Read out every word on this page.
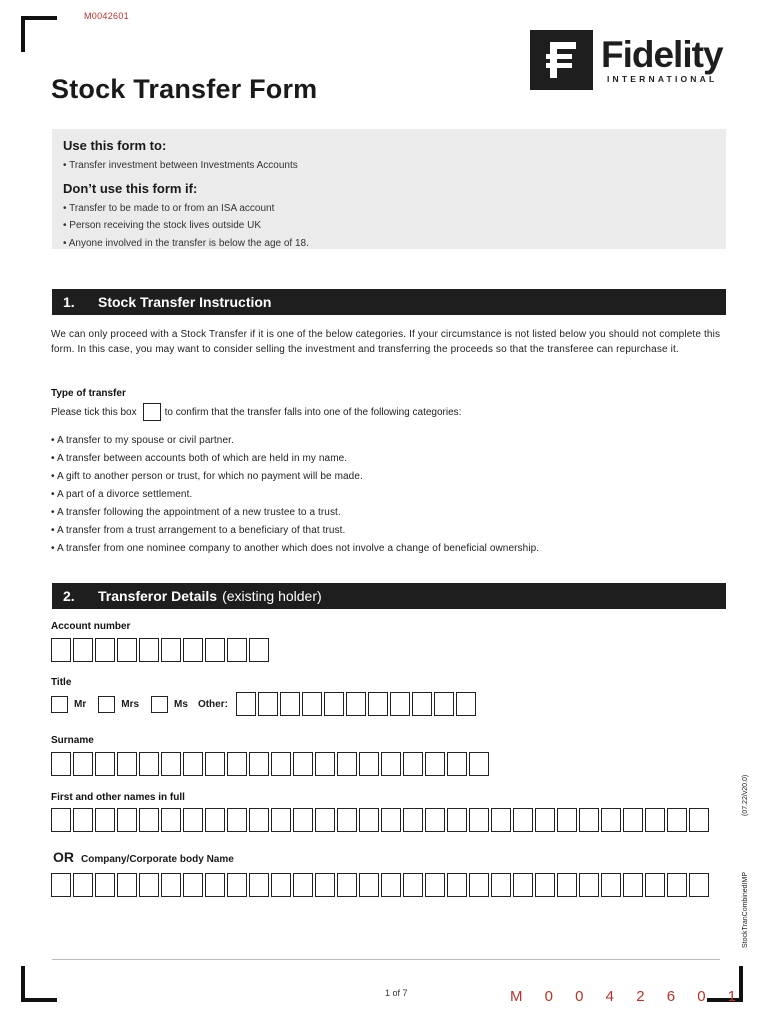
M0042601
Fidelity
INTERNATIONAL
Stock Transfer Form
Use this form to:
• Transfer investment between Investments Accounts
Don’t use this form if:
• Transfer to be made to or from an ISA account
• Person receiving the stock lives outside UK
• Anyone involved in the transfer is below the age of 18.
1.	Stock Transfer Instruction

We can only proceed with a Stock Transfer if it is one of the below categories. If your circumstance is not listed below you should not complete this form. In this case, you may want to consider selling the investment and transferring the proceeds so that the transferee can repurchase it.

Type of transfer
Please tick this box	to confirm that the transfer falls into one of the following categories:
• A transfer to my spouse or civil partner.
• A transfer between accounts both of which are held in my name.
• A gift to another person or trust, for which no payment will be made.
• A part of a divorce settlement.
• A transfer following the appointment of a new trustee to a trust.
• A transfer from a trust arrangement to a beneficiary of that trust.
• A transfer from one nominee company to another which does not involve a change of beneficial ownership.
2.	Transferor Details (existing holder)
Account number
Title
Mr	Mrs	Ms Other:
Surname
First and other names in full
OR Company/Corporate body Name
(07.22/v20.0)
StockTranCombinedIMP
1 of 7	M 0 0 4 2 6 0 1
